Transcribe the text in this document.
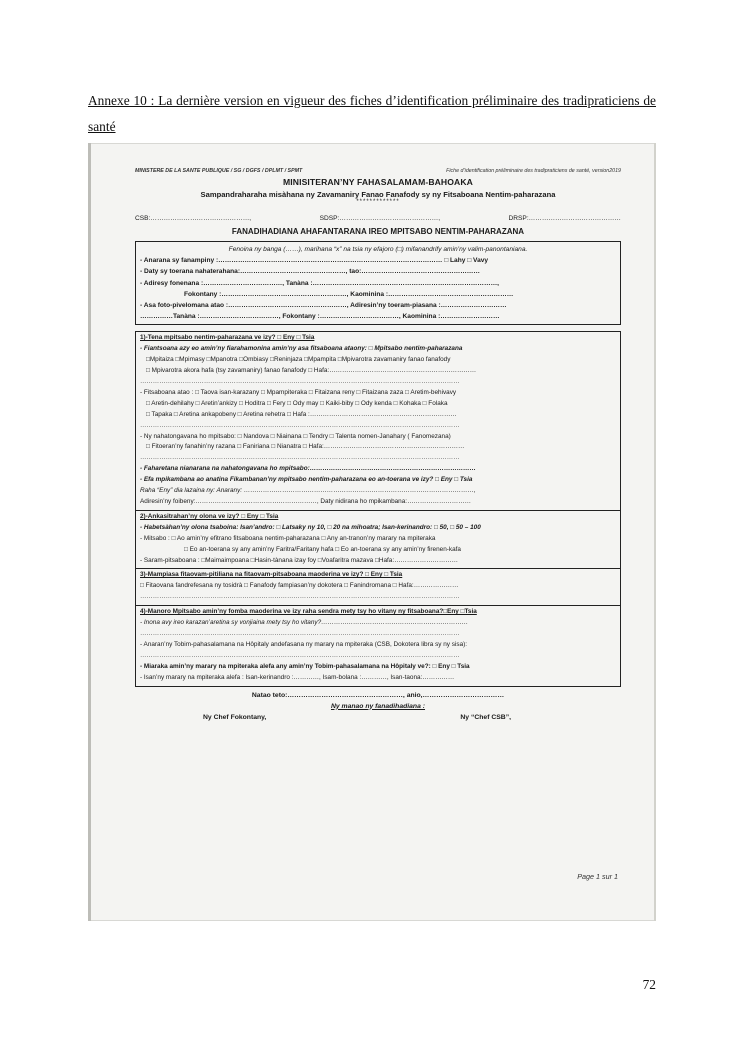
Annexe 10 : La dernière version en vigueur des fiches d’identification préliminaire des tradipraticiens de santé
MINISTERE DE LA SANTE PUBLIQUE / SG / DGFS / DPLMT / SPMT	Fiche d’identification préliminaire des tradipraticiens de santé, version2019
MINISITERAN’NY FAHASALAMAM-BAHOAKA
Sampandraharaha misàhana ny Zavamaniry Fanao Fanafody sy ny Fitsaboana Nentim-paharazana
*************
CSB:………………………………………,	SDSP:………………………………………,	DRSP:……………………………………
FANADIHADIANA AHAFANTARANA IREO MPITSABO NENTIM-PAHARAZANA
Fenoina ny banga (……), marihana “x” na tsia ny efajoro (□) mifanandrify amin’ny valim-panontaniana.
- Anarana sy fanampiny :………………………………………………………………………………………… □ Lahy □ Vavy
- Daty sy toerana nahaterahana:…………………………………………, tao:………………………………………………
- Adiresy fonenana :………………………………, Tanàna :…………………………………………………………………………,
Fokontany :…………………………………………………, Kaominina :…………………………………………………
- Asa foto-pivelomana atao :………………………………………………, Adiresin’ny toeram-piasana :…………………………
……………Tanàna :………………………………, Fokontany :………………………………, Kaominina :………………………
1)-Tena mpitsabo nentim-paharazana ve izy? □ Eny □ Tsia
- Fiantsoana azy eo amin’ny fiarahamonina amin’ny asa fitsaboana ataony: □ Mpitsabo nentim-paharazana
□Mpitaiza □Mpimasy □Mpanotra □Ombiasy □Reninjaza □Mpampita □Mpivarotra zavamaniry fanao fanafody
□ Mpivarotra akora hafa (tsy zavamaniry) fanao fanafody □ Hafa:……………………………………………………………
……………………………………………………………………………………………………………………………………
- Fitsaboana atao : □ Taova isan-karazany □ Mpampiteraka □ Fitaizana reny □ Fitaizana zaza □ Aretim-behivavy
□ Aretin-dehilahy □ Aretin’ankizy □ Hoditra □ Fery □ Ody may □ Kaiki-biby □ Ody kenda □ Kohaka □ Folaka
□ Tapaka □ Aretina ankapobeny □ Aretina rehetra □ Hafa :……………………………………………………………
……………………………………………………………………………………………………………………………………
- Ny nahatongavana ho mpitsabo: □ Nandova □ Niainana □ Tendry □ Talenta nomen-Janahary ( Fanomezana)
□ Fitoeran’ny fanahin’ny razana □ Faniriana □ Nianatra □ Hafa:…………………………………………………………
……………………………………………………………………………………………………………………………………
- Faharetana nianarana na nahatongavana ho mpitsabo:……………………………………………………………………
- Efa mpikambana ao anatina Fikambanan’ny mpitsabo nentim-paharazana eo an-toerana ve izy? □ Eny □ Tsia
Raha “Eny” dia lazaina ny: Anarany: ………………………………………………………………………………………………,
Adiresin’ny foibeny:…………………………………………………, Daty nidirana ho mpikambana:…………………………
2)-Ankasitrahan’ny olona ve izy? □ Eny □ Tsia
- Habetsàhan’ny olona tsaboina: Isan’andro: □ Latsaky ny 10, □ 20 na mihoatra; Isan-kerinandro: □ 50, □ 50 – 100
- Mitsabo : □ Ao amin’ny efitrano fitsaboana nentim-paharazana □ Any an-tranon’ny marary na mpiteraka
□ Eo an-toerana sy any amin’ny Faritra/Faritany hafa □ Eo an-toerana sy any amin’ny firenen-kafa
- Saram-pitsaboana : □Maimaimpoana □Hasin-tànana izay foy □Voafaritra mazava □Hafa:…………………………
3)-Mampiasa fitaovam-pitiliana na fitaovam-pitsaboana maoderina ve izy? □ Eny □ Tsia
□ Fitaovana fandrefesana ny tosidrà □ Fanafody fampiasan’ny dokotera □ Fanindromana □ Hafa:…………………
……………………………………………………………………………………………………………………………………
4)-Manoro Mpitsabo amin’ny fomba maoderina ve izy raha sendra mety tsy ho vitany ny fitsaboana?□Eny □Tsia
- Inona avy ireo karazan’aretina sy vonjiaina mety tsy ho vitany?……………………………………………………………
……………………………………………………………………………………………………………………………………
- Anaran’ny Tobim-pahasalamana na Hôpitaly andefasana ny marary na mpiteraka (CSB, Dokotera libra sy ny sisa):
……………………………………………………………………………………………………………………………………
- Miaraka amin’ny marary na mpiteraka alefa any amin’ny Tobim-pahasalamana na Hôpitaly ve?: □ Eny □ Tsia
- Isan’ny marary na mpiteraka alefa : Isan-kerinandro :…………, Isam-bolana :…………, Isan-taona:……………
Natao teto:……………………………………………, anio,………………………………
Ny manao ny fanadihadiana :
Ny Chef Fokontany,	Ny “Chef CSB”,
Page 1 sur 1
72
